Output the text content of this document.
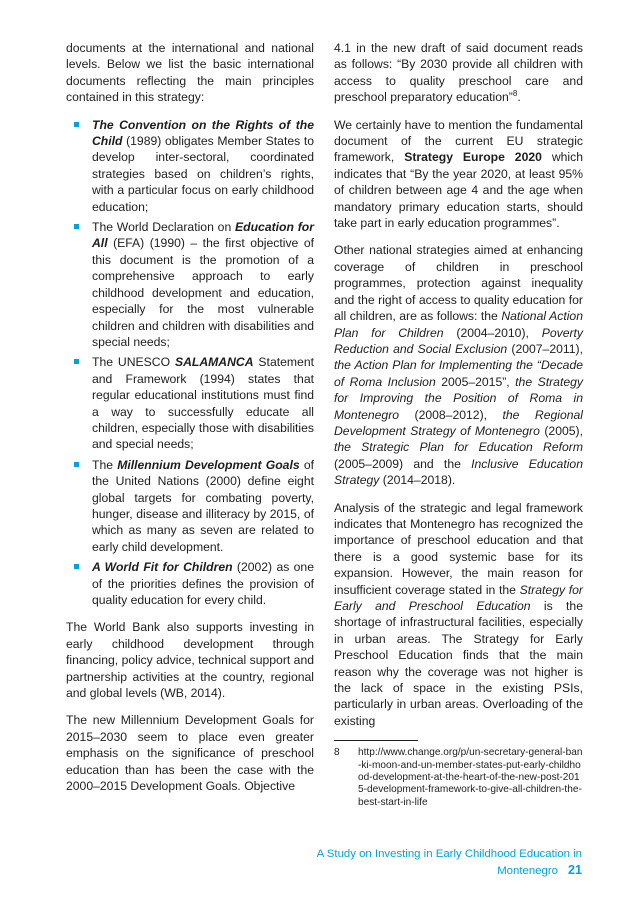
documents at the international and national levels. Below we list the basic international documents reflecting the main principles contained in this strategy:

The Convention on the Rights of the Child (1989) obligates Member States to develop inter-sectoral, coordinated strategies based on children’s rights, with a particular focus on early childhood education;
The World Declaration on Education for All (EFA) (1990) – the first objective of this document is the promotion of a comprehensive approach to early childhood development and education, especially for the most vulnerable children and children with disabilities and special needs;
The UNESCO SALAMANCA Statement and Framework (1994) states that regular educational institutions must find a way to successfully educate all children, especially those with disabilities and special needs;
The Millennium Development Goals of the United Nations (2000) define eight global targets for combating poverty, hunger, disease and illiteracy by 2015, of which as many as seven are related to early child development.
A World Fit for Children (2002) as one of the priorities defines the provision of quality education for every child.

The World Bank also supports investing in early childhood development through financing, policy advice, technical support and partnership activities at the country, regional and global levels (WB, 2014).

The new Millennium Development Goals for 2015–2030 seem to place even greater emphasis on the significance of preschool education than has been the case with the 2000–2015 Development Goals. Objective

4.1 in the new draft of said document reads as follows: “By 2030 provide all children with access to quality preschool care and preschool preparatory education”$^8$.

We certainly have to mention the fundamental document of the current EU strategic framework, Strategy Europe 2020 which indicates that “By the year 2020, at least 95% of children between age 4 and the age when mandatory primary education starts, should take part in early education programmes”.

Other national strategies aimed at enhancing coverage of children in preschool programmes, protection against inequality and the right of access to quality education for all children, are as follows: the National Action Plan for Children (2004–2010), Poverty Reduction and Social Exclusion (2007–2011), the Action Plan for Implementing the “Decade of Roma Inclusion 2005–2015”, the Strategy for Improving the Position of Roma in Montenegro (2008–2012), the Regional Development Strategy of Montenegro (2005), the Strategic Plan for Education Reform (2005–2009) and the Inclusive Education Strategy (2014–2018).

Analysis of the strategic and legal framework indicates that Montenegro has recognized the importance of preschool education and that there is a good systemic base for its expansion. However, the main reason for insufficient coverage stated in the Strategy for Early and Preschool Education is the shortage of infrastructural facilities, especially in urban areas. The Strategy for Early Preschool Education finds that the main reason why the coverage was not higher is the lack of space in the existing PSIs, particularly in urban areas. Overloading of the existing

8 http://www.change.org/p/un-secretary-general-ban-ki-moon-and-un-member-states-put-early-childhood-development-at-the-heart-of-the-new-post-2015-development-framework-to-give-all-children-the-best-start-in-life
A Study on Investing in Early Childhood Education in Montenegro 21
